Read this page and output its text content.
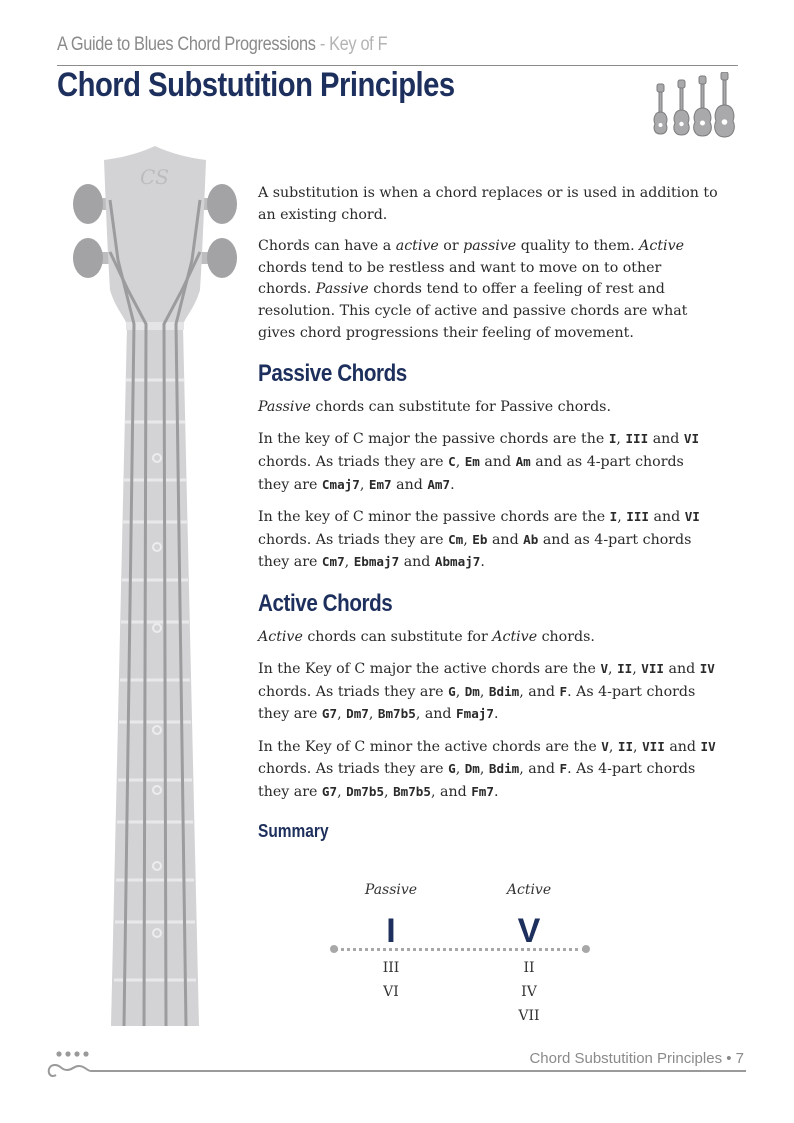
A Guide to Blues Chord Progressions - Key of F
Chord Substutition Principles
CS

A substitution is when a chord replaces or is used in addition to an existing chord.

Chords can have a active or passive quality to them. Active chords tend to be restless and want to move on to other chords. Passive chords tend to offer a feeling of rest and resolution. This cycle of active and passive chords are what gives chord progressions their feeling of movement.

Passive Chords

Passive chords can substitute for Passive chords.

In the key of C major the passive chords are the I, III and VI chords. As triads they are C, Em and Am and as 4-part chords they are Cmaj7, Em7 and Am7.

In the key of C minor the passive chords are the I, III and VI chords. As triads they are Cm, Eb and Ab and as 4-part chords they are Cm7, Ebmaj7 and Abmaj7.

Active Chords

Active chords can substitute for Active chords.

In the Key of C major the active chords are the V, II, VII and IV chords. As triads they are G, Dm, Bdim, and F. As 4-part chords they are G7, Dm7, Bm7b5, and Fmaj7.

In the Key of C minor the active chords are the V, II, VII and IV chords. As triads they are G, Dm, Bdim, and F. As 4-part chords they are G7, Dm7b5, Bm7b5, and Fm7.

Summary
Passive	Active
I	V
III
VI
II
IV
VII
Chord Substutition Principles • 7
